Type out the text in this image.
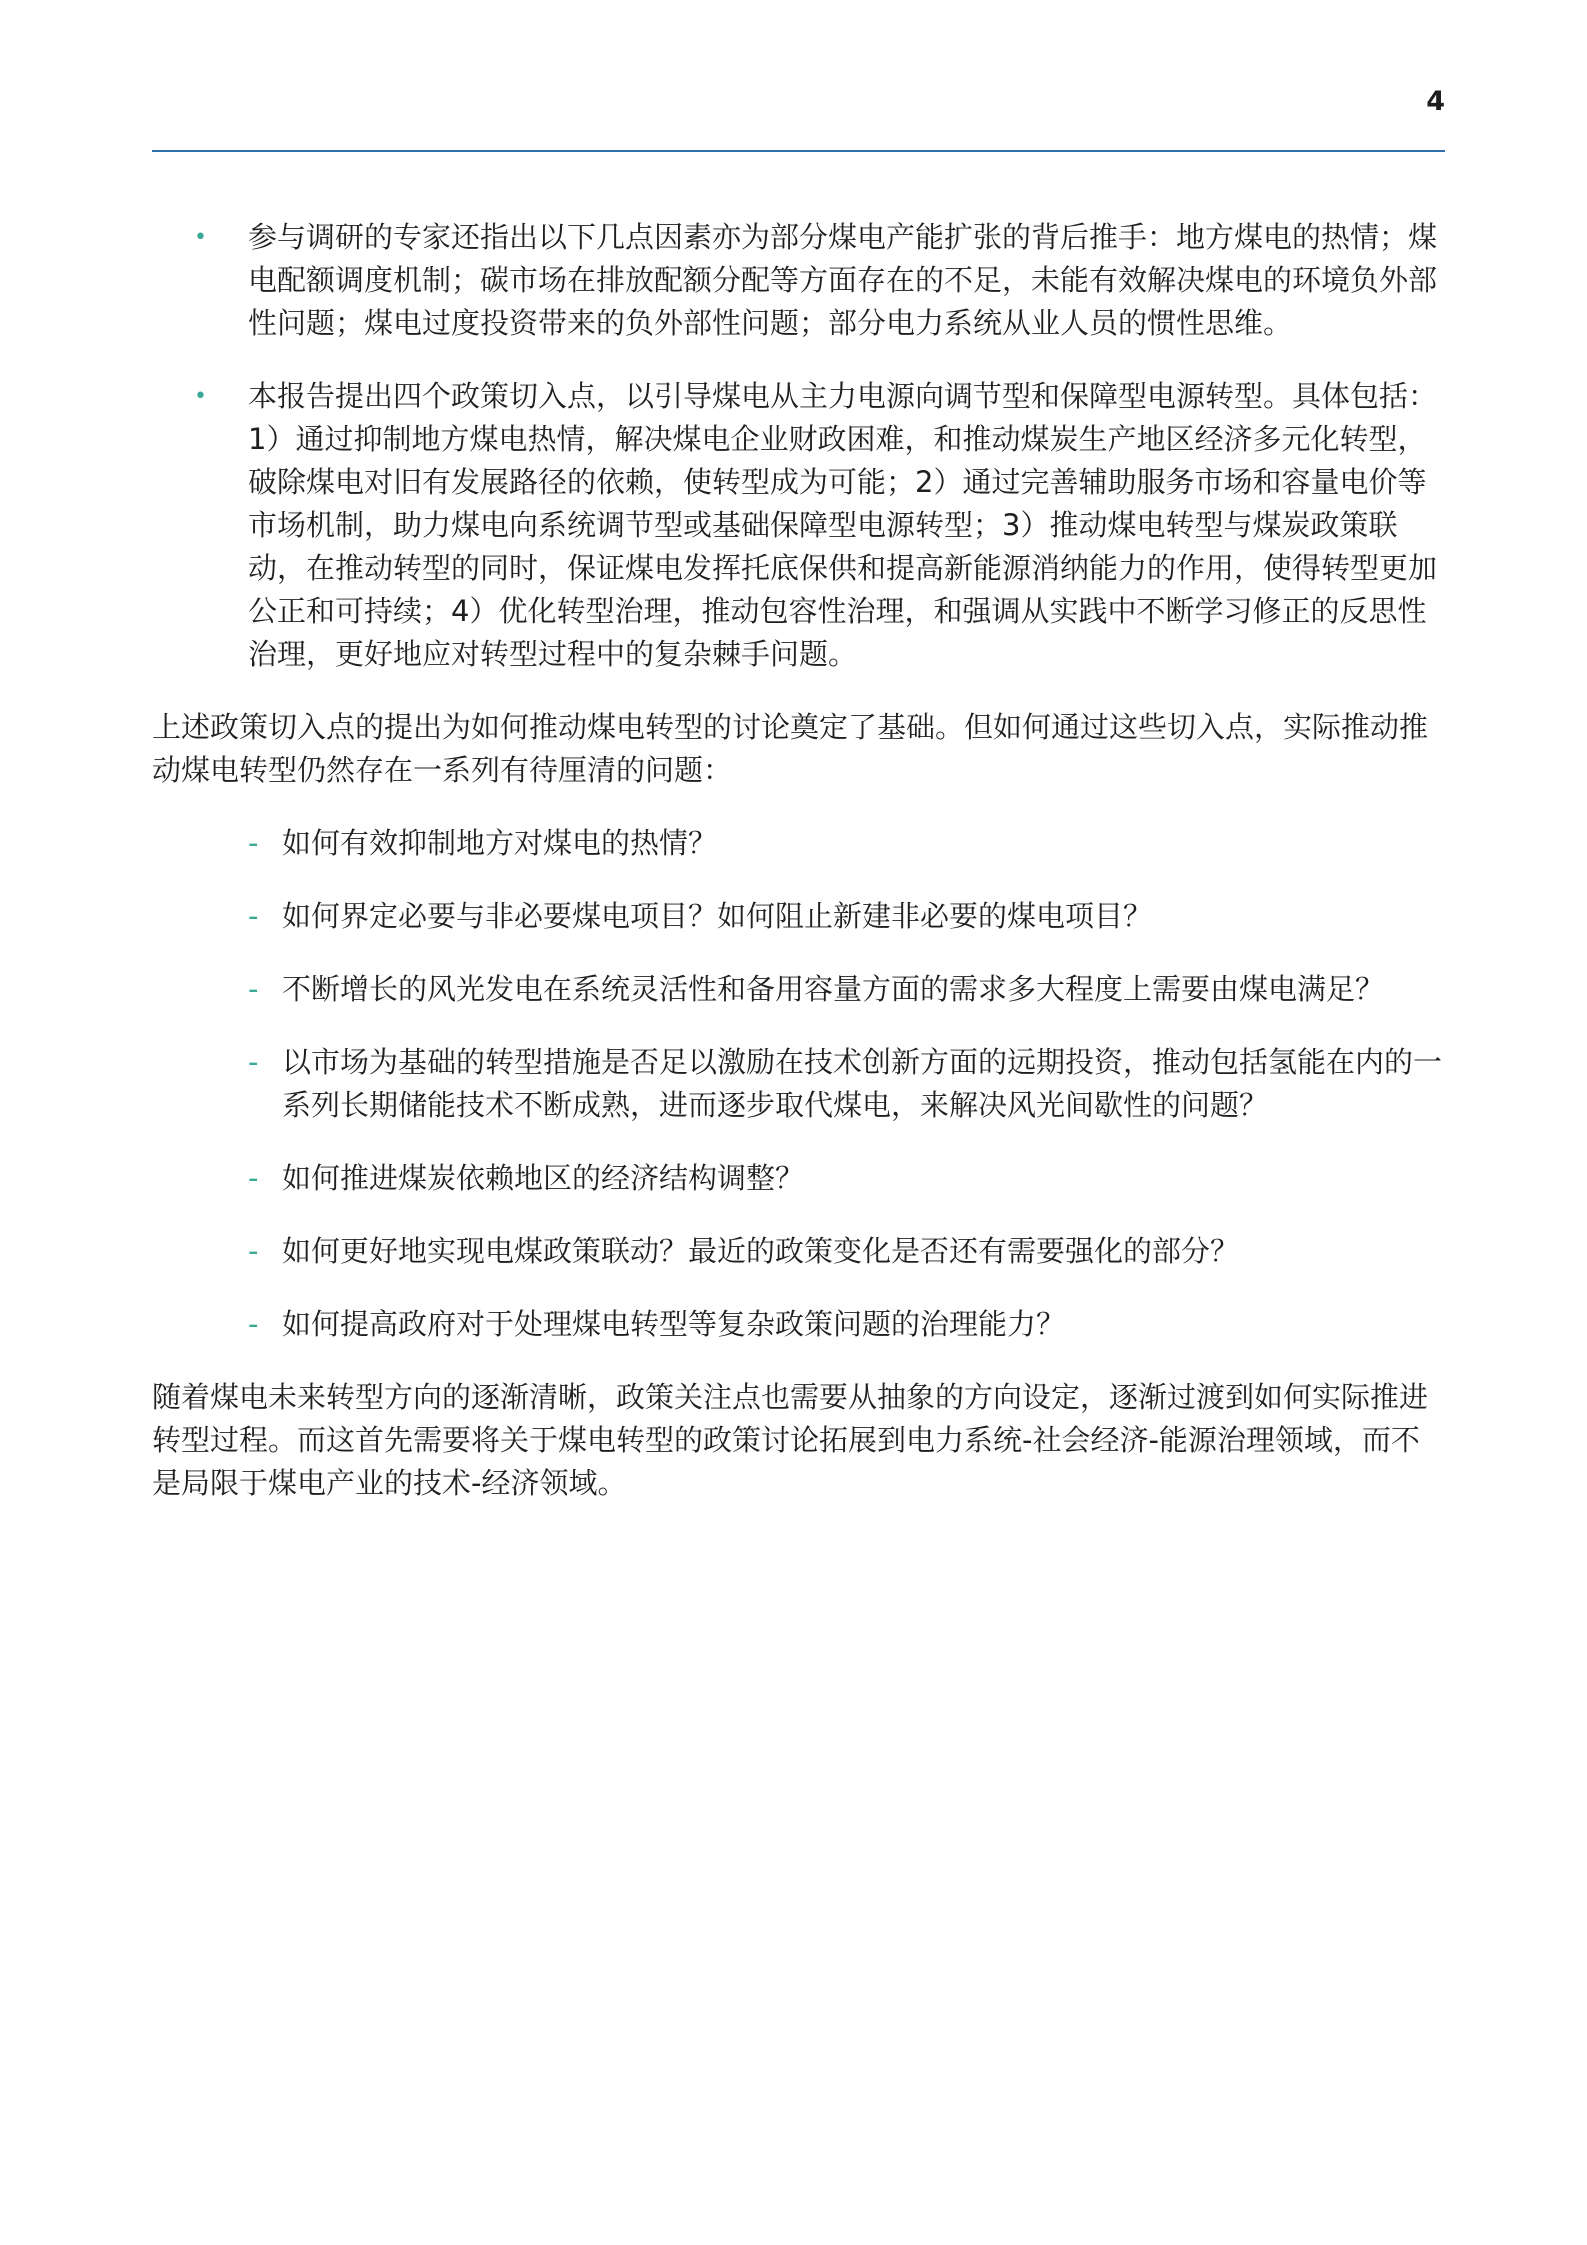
4
• 参与调研的专家还指出以下几点因素亦为部分煤电产能扩张的背后推手：地方煤电的热情；煤电配额调度机制；碳市场在排放配额分配等方面存在的不足，未能有效解决煤电的环境负外部性问题；煤电过度投资带来的负外部性问题；部分电力系统从业人员的惯性思维。
• 本报告提出四个政策切入点，以引导煤电从主力电源向调节型和保障型电源转型。具体包括：1）通过抑制地方煤电热情，解决煤电企业财政困难，和推动煤炭生产地区经济多元化转型，破除煤电对旧有发展路径的依赖，使转型成为可能；2）通过完善辅助服务市场和容量电价等市场机制，助力煤电向系统调节型或基础保障型电源转型；3）推动煤电转型与煤炭政策联动，在推动转型的同时，保证煤电发挥托底保供和提高新能源消纳能力的作用，使得转型更加公正和可持续；4）优化转型治理，推动包容性治理，和强调从实践中不断学习修正的反思性治理，更好地应对转型过程中的复杂棘手问题。

上述政策切入点的提出为如何推动煤电转型的讨论奠定了基础。但如何通过这些切入点，实际推动推动煤电转型仍然存在一系列有待厘清的问题：

- 如何有效抑制地方对煤电的热情？
- 如何界定必要与非必要煤电项目？如何阻止新建非必要的煤电项目？
- 不断增长的风光发电在系统灵活性和备用容量方面的需求多大程度上需要由煤电满足？
- 以市场为基础的转型措施是否足以激励在技术创新方面的远期投资，推动包括氢能在内的一系列长期储能技术不断成熟，进而逐步取代煤电，来解决风光间歇性的问题？
- 如何推进煤炭依赖地区的经济结构调整？
- 如何更好地实现电煤政策联动？最近的政策变化是否还有需要强化的部分？
- 如何提高政府对于处理煤电转型等复杂政策问题的治理能力？

随着煤电未来转型方向的逐渐清晰，政策关注点也需要从抽象的方向设定，逐渐过渡到如何实际推进转型过程。而这首先需要将关于煤电转型的政策讨论拓展到电力系统-社会经济-能源治理领域，而不是局限于煤电产业的技术-经济领域。
